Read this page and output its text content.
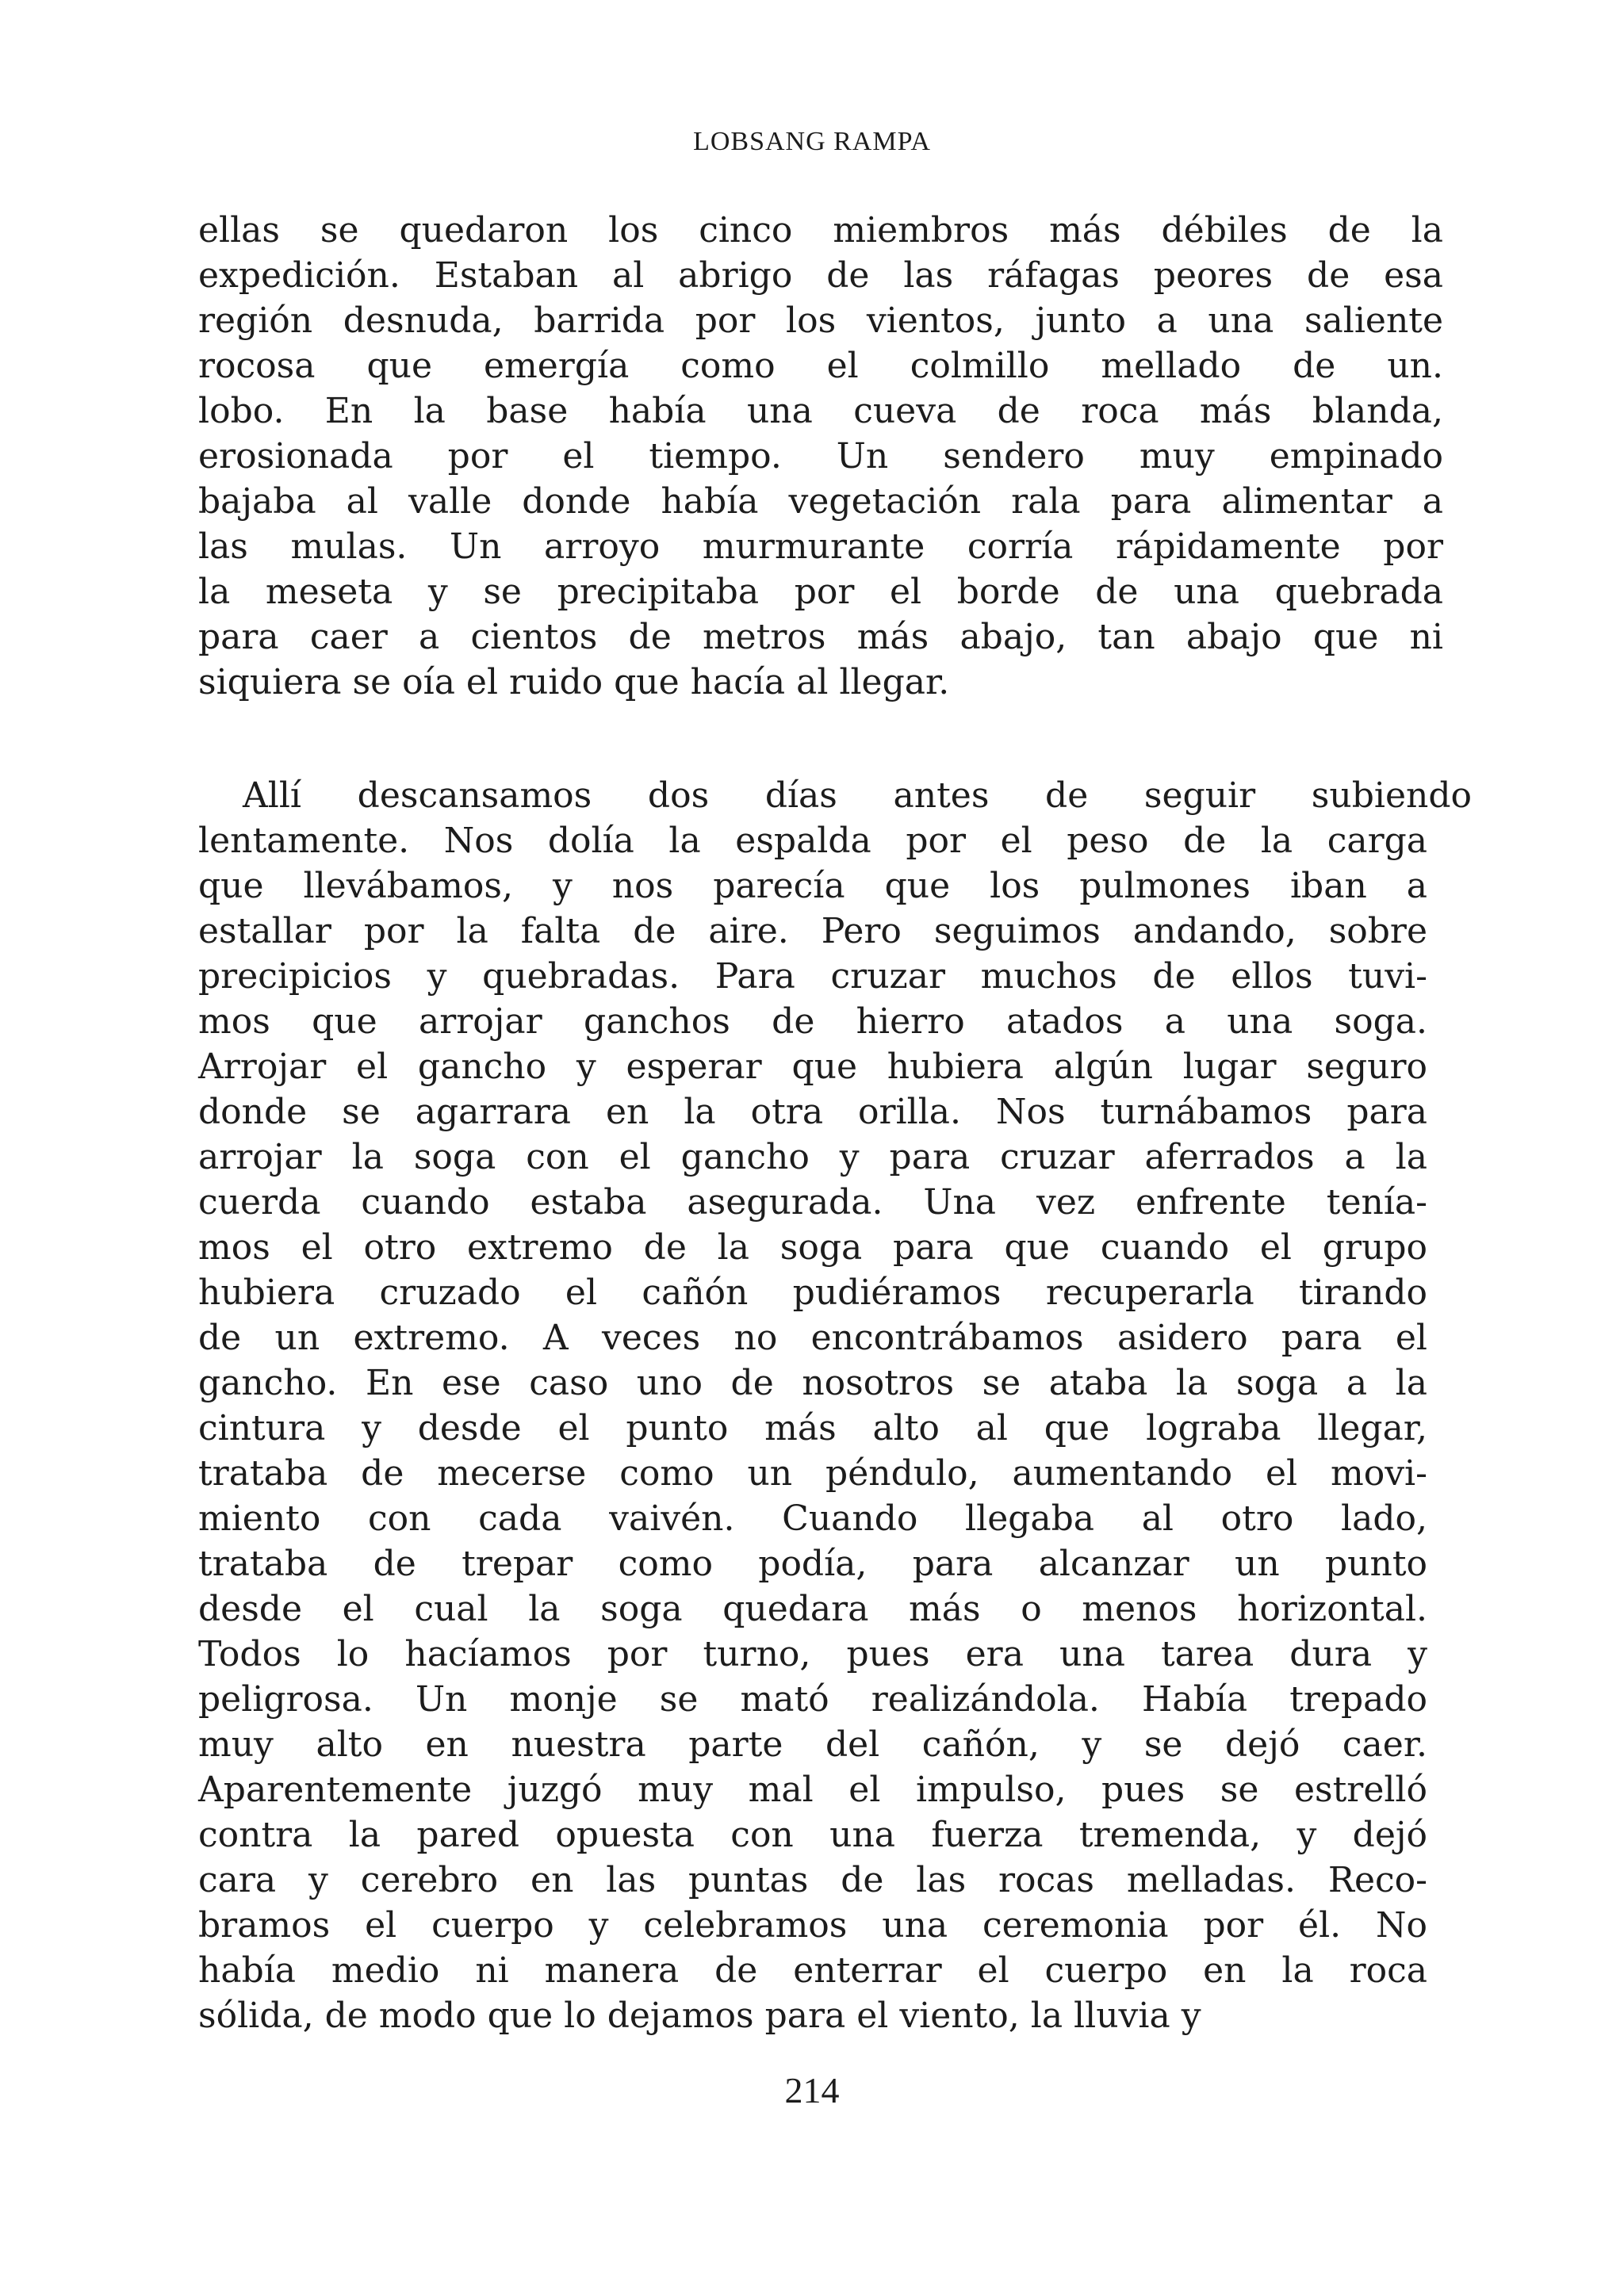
LOBSANG RAMPA
ellas se quedaron los cinco miembros más débiles de la
expedición. Estaban al abrigo de las ráfagas peores de esa
región desnuda, barrida por los vientos, junto a una saliente
rocosa que emergía como el colmillo mellado de un.
lobo. En la base había una cueva de roca más blanda,
erosionada por el tiempo. Un sendero muy empinado
bajaba al valle donde había vegetación rala para alimentar a
las mulas. Un arroyo murmurante corría rápidamente por
la meseta y se precipitaba por el borde de una quebrada
para caer a cientos de metros más abajo, tan abajo que ni
siquiera se oía el ruido que hacía al llegar.
Allí descansamos dos días antes de seguir subiendo
lentamente. Nos dolía la espalda por el peso de la carga
que llevábamos, y nos parecía que los pulmones iban a
estallar por la falta de aire. Pero seguimos andando, sobre
precipicios y quebradas. Para cruzar muchos de ellos tuvi-
mos que arrojar ganchos de hierro atados a una soga.
Arrojar el gancho y esperar que hubiera algún lugar seguro
donde se agarrara en la otra orilla. Nos turnábamos para
arrojar la soga con el gancho y para cruzar aferrados a la
cuerda cuando estaba asegurada. Una vez enfrente tenía-
mos el otro extremo de la soga para que cuando el grupo
hubiera cruzado el cañón pudiéramos recuperarla tirando
de un extremo. A veces no encontrábamos asidero para el
gancho. En ese caso uno de nosotros se ataba la soga a la
cintura y desde el punto más alto al que lograba llegar,
trataba de mecerse como un péndulo, aumentando el movi-
miento con cada vaivén. Cuando llegaba al otro lado,
trataba de trepar como podía, para alcanzar un punto
desde el cual la soga quedara más o menos horizontal.
Todos lo hacíamos por turno, pues era una tarea dura y
peligrosa. Un monje se mató realizándola. Había trepado
muy alto en nuestra parte del cañón, y se dejó caer.
Aparentemente juzgó muy mal el impulso, pues se estrelló
contra la pared opuesta con una fuerza tremenda, y dejó
cara y cerebro en las puntas de las rocas melladas. Reco-
bramos el cuerpo y celebramos una ceremonia por él. No
había medio ni manera de enterrar el cuerpo en la roca
sólida, de modo que lo dejamos para el viento, la lluvia y
214
